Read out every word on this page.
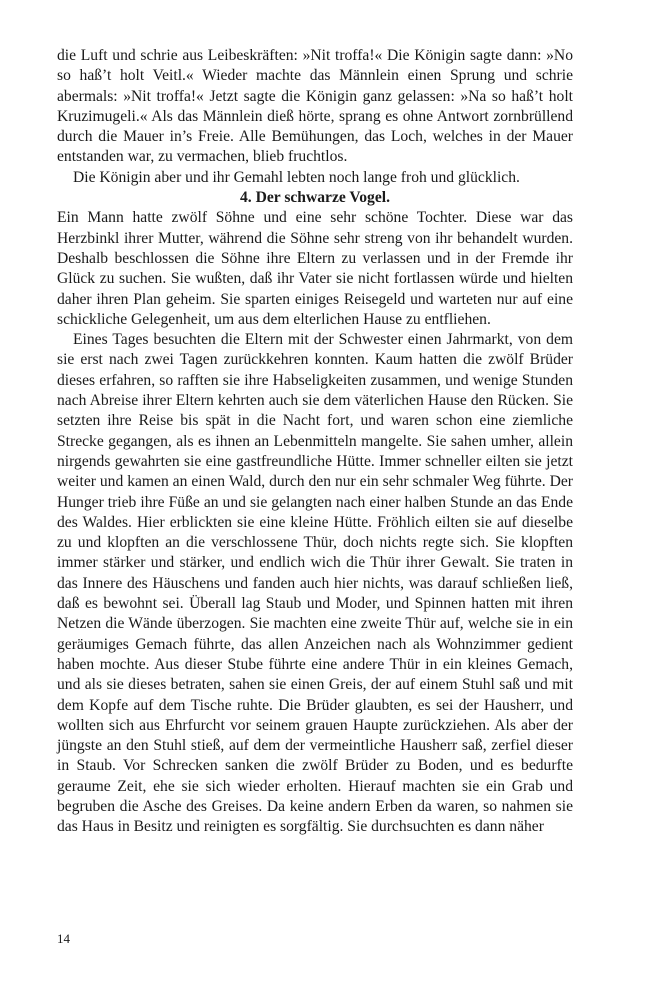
die Luft und schrie aus Leibeskräften: »Nit troffa!« Die Königin sagte dann: »No so haß’t holt Veitl.« Wieder machte das Männlein einen Sprung und schrie abermals: »Nit troffa!« Jetzt sagte die Königin ganz gelassen: »Na so haß’t holt Kruzimugeli.« Als das Männlein dieß hörte, sprang es ohne Antwort zornbrüllend durch die Mauer in’s Freie. Alle Bemühungen, das Loch, welches in der Mauer entstanden war, zu vermachen, blieb fruchtlos.

Die Königin aber und ihr Gemahl lebten noch lange froh und glücklich.

4. Der schwarze Vogel.

Ein Mann hatte zwölf Söhne und eine sehr schöne Tochter. Diese war das Herzbinkl ihrer Mutter, während die Söhne sehr streng von ihr behandelt wurden. Deshalb beschlossen die Söhne ihre Eltern zu verlassen und in der Fremde ihr Glück zu suchen. Sie wußten, daß ihr Vater sie nicht fortlassen würde und hielten daher ihren Plan geheim. Sie sparten einiges Reisegeld und warteten nur auf eine schickliche Gelegenheit, um aus dem elterlichen Hause zu entfliehen.

Eines Tages besuchten die Eltern mit der Schwester einen Jahrmarkt, von dem sie erst nach zwei Tagen zurückkehren konnten. Kaum hatten die zwölf Brüder dieses erfahren, so rafften sie ihre Habseligkeiten zusammen, und wenige Stunden nach Abreise ihrer Eltern kehrten auch sie dem väterlichen Hause den Rücken. Sie setzten ihre Reise bis spät in die Nacht fort, und waren schon eine ziemliche Strecke gegangen, als es ihnen an Lebenmitteln mangelte. Sie sahen umher, allein nirgends gewahrten sie eine gastfreundliche Hütte. Immer schneller eilten sie jetzt weiter und kamen an einen Wald, durch den nur ein sehr schmaler Weg führte. Der Hunger trieb ihre Füße an und sie gelangten nach einer halben Stunde an das Ende des Waldes. Hier erblickten sie eine kleine Hütte. Fröhlich eilten sie auf dieselbe zu und klopften an die verschlossene Thür, doch nichts regte sich. Sie klopften immer stärker und stärker, und endlich wich die Thür ihrer Gewalt. Sie traten in das Innere des Häuschens und fanden auch hier nichts, was darauf schließen ließ, daß es bewohnt sei. Überall lag Staub und Moder, und Spinnen hatten mit ihren Netzen die Wände überzogen. Sie machten eine zweite Thür auf, welche sie in ein geräumiges Gemach führte, das allen Anzeichen nach als Wohnzimmer gedient haben mochte. Aus dieser Stube führte eine andere Thür in ein kleines Gemach, und als sie dieses betraten, sahen sie einen Greis, der auf einem Stuhl saß und mit dem Kopfe auf dem Tische ruhte. Die Brüder glaubten, es sei der Hausherr, und wollten sich aus Ehrfurcht vor seinem grauen Haupte zurückziehen. Als aber der jüngste an den Stuhl stieß, auf dem der vermeintliche Hausherr saß, zerfiel dieser in Staub. Vor Schrecken sanken die zwölf Brüder zu Boden, und es bedurfte geraume Zeit, ehe sie sich wieder erholten. Hierauf machten sie ein Grab und begruben die Asche des Greises. Da keine andern Erben da waren, so nahmen sie das Haus in Besitz und reinigten es sorgfältig. Sie durchsuchten es dann näher

14
